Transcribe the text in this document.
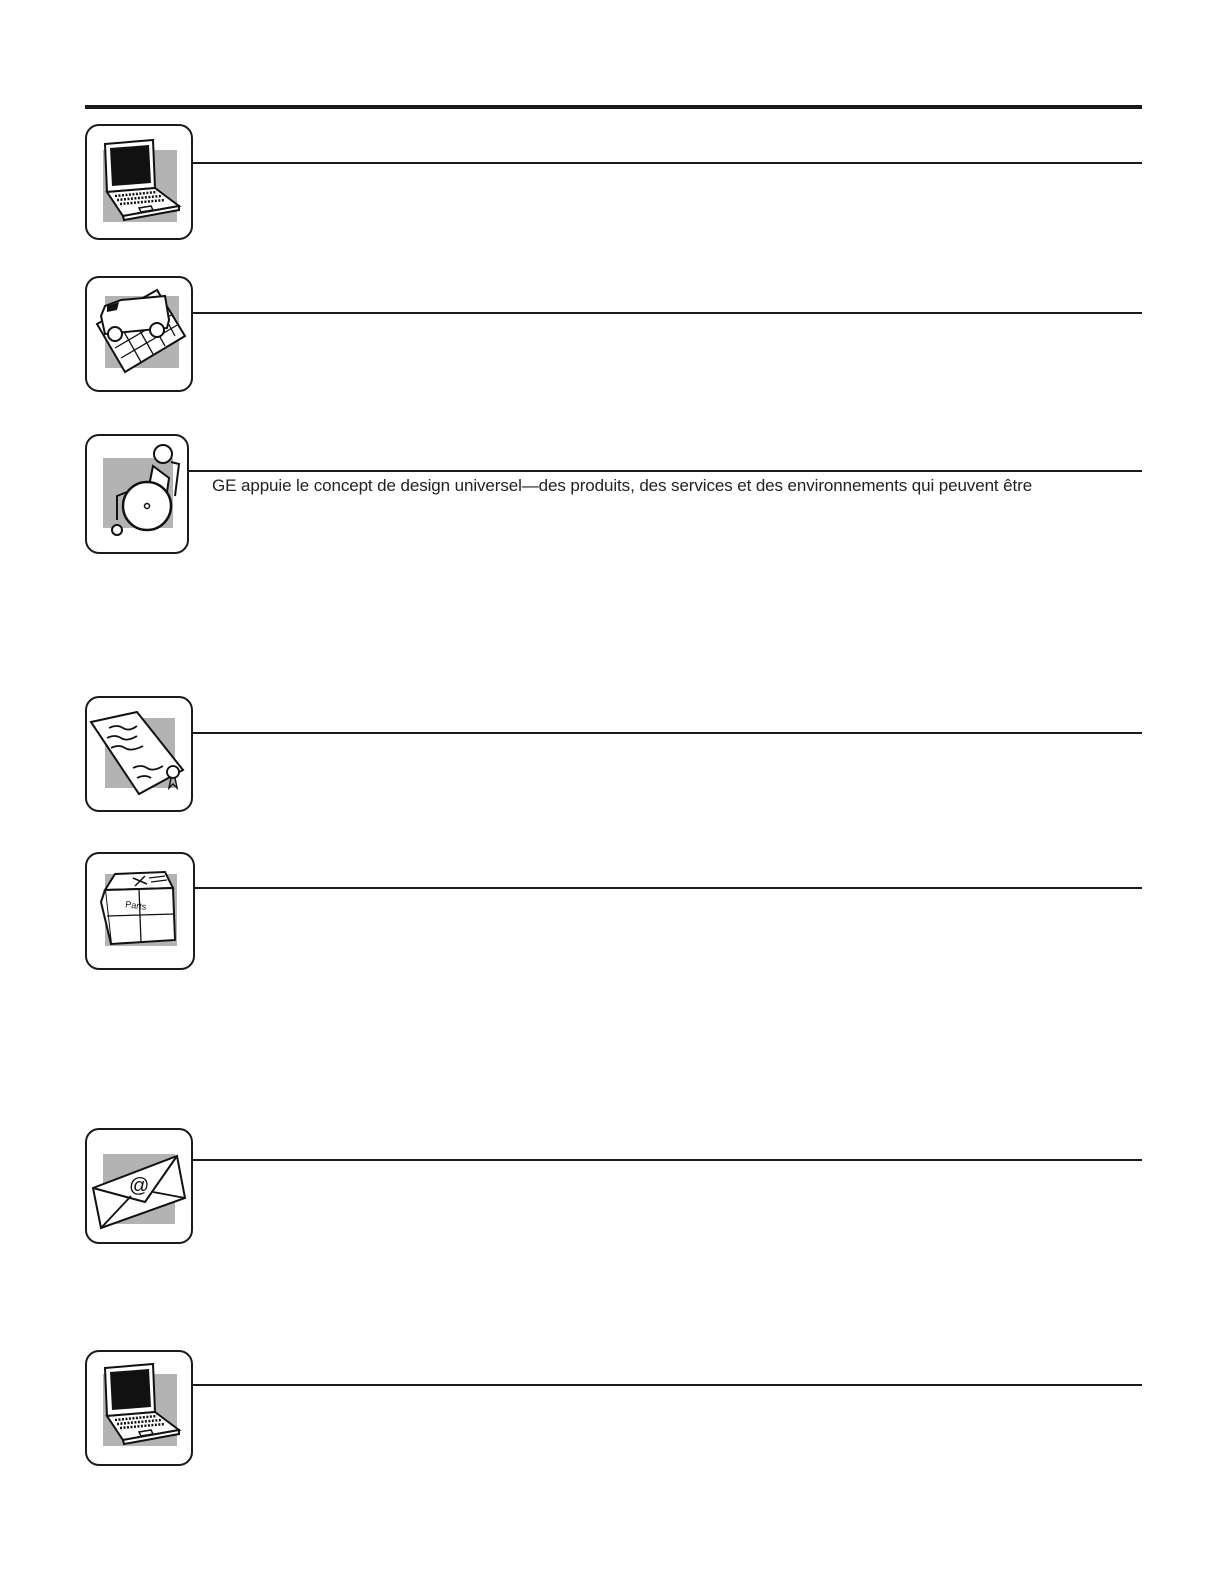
GE appuie le concept de design universel—des produits, des services et des environnements qui peuvent être
Parts
@
